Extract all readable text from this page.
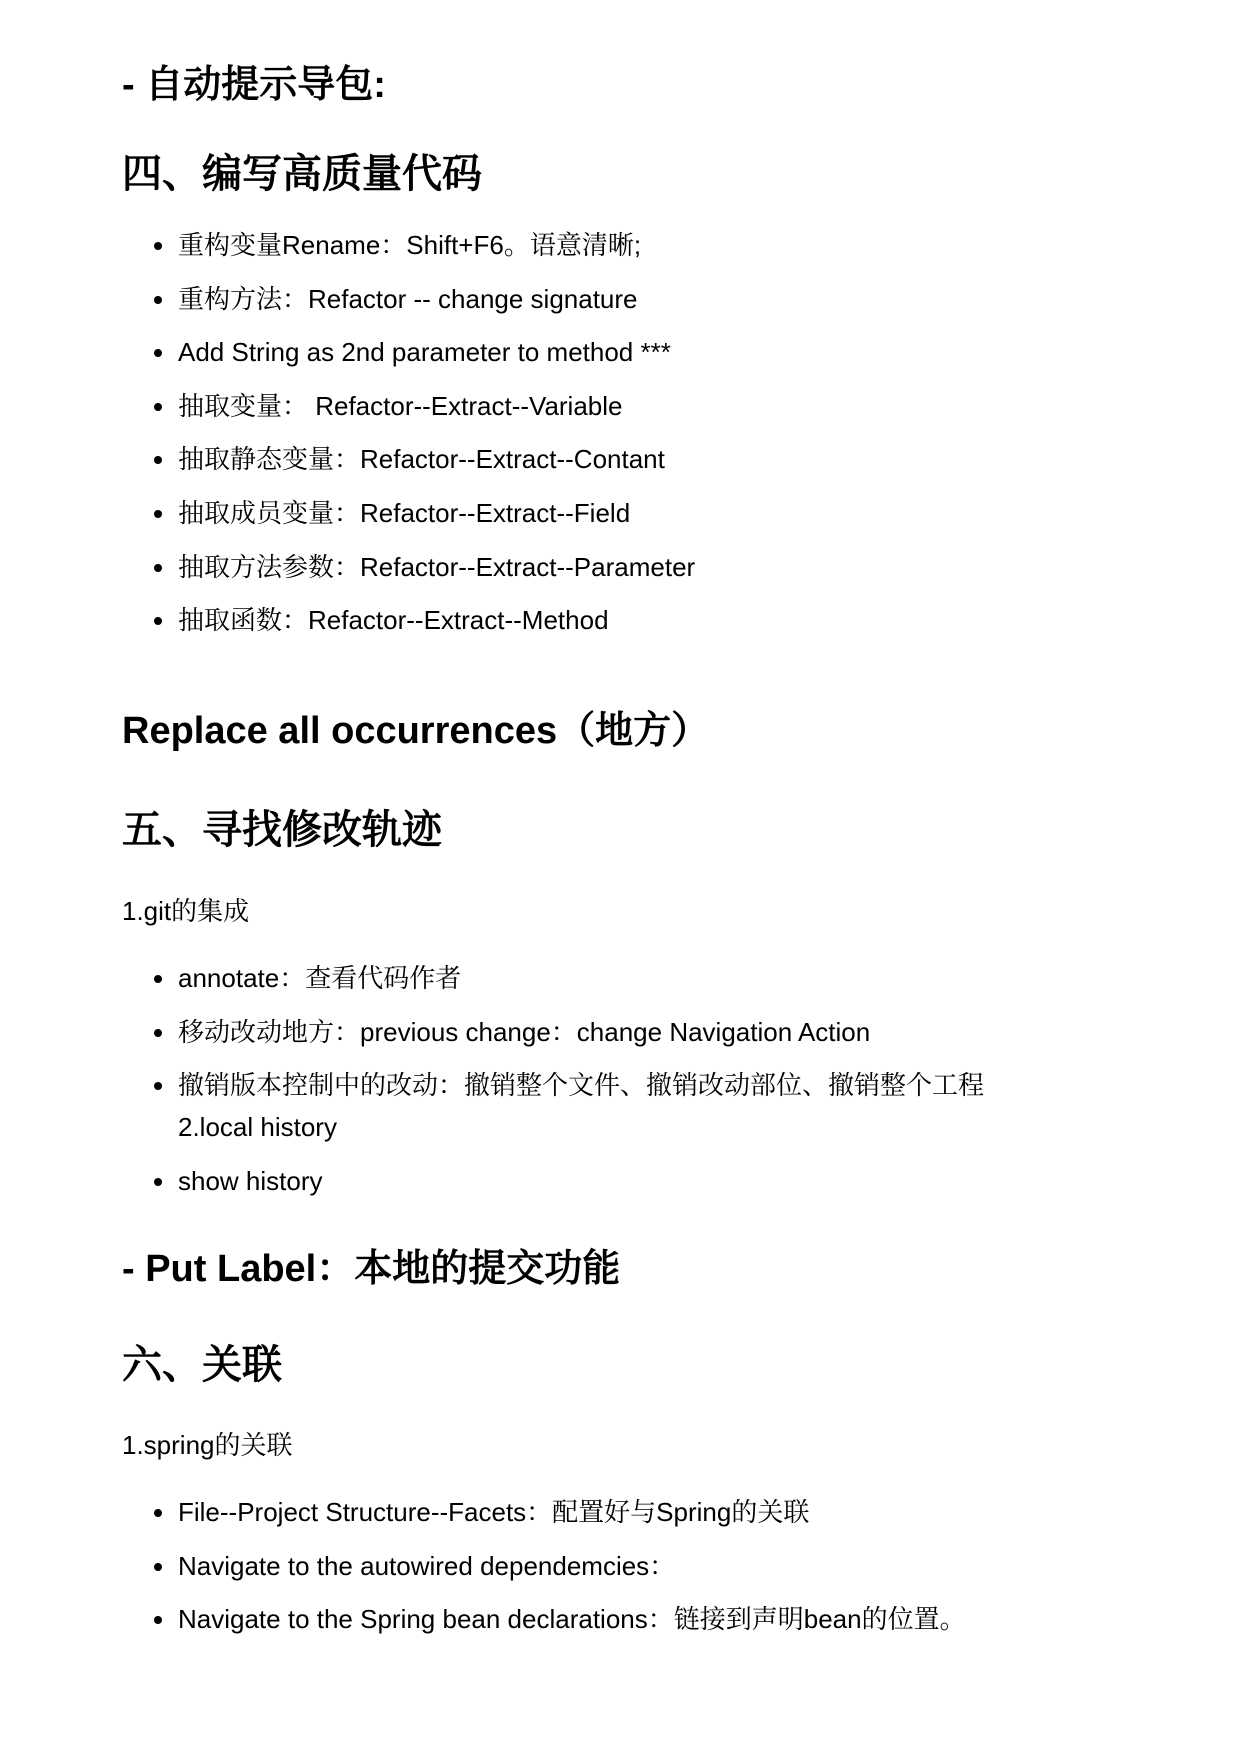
- 自动提示导包:
四、编写高质量代码
重构变量Rename：Shift+F6。语意清晰;
重构方法：Refactor -- change signature
Add String as 2nd parameter to method ***
抽取变量： Refactor--Extract--Variable
抽取静态变量：Refactor--Extract--Contant
抽取成员变量：Refactor--Extract--Field
抽取方法参数：Refactor--Extract--Parameter
抽取函数：Refactor--Extract--Method
Replace all occurrences（地方）
五、寻找修改轨迹

1.git的集成

annotate：查看代码作者
移动改动地方：previous change：change Navigation Action
撤销版本控制中的改动：撤销整个文件、撤销改动部位、撤销整个工程
2.local history
show history
- Put Label：本地的提交功能
六、关联

1.spring的关联

File--Project Structure--Facets：配置好与Spring的关联
Navigate to the autowired dependemcies：
Navigate to the Spring bean declarations：链接到声明bean的位置。
